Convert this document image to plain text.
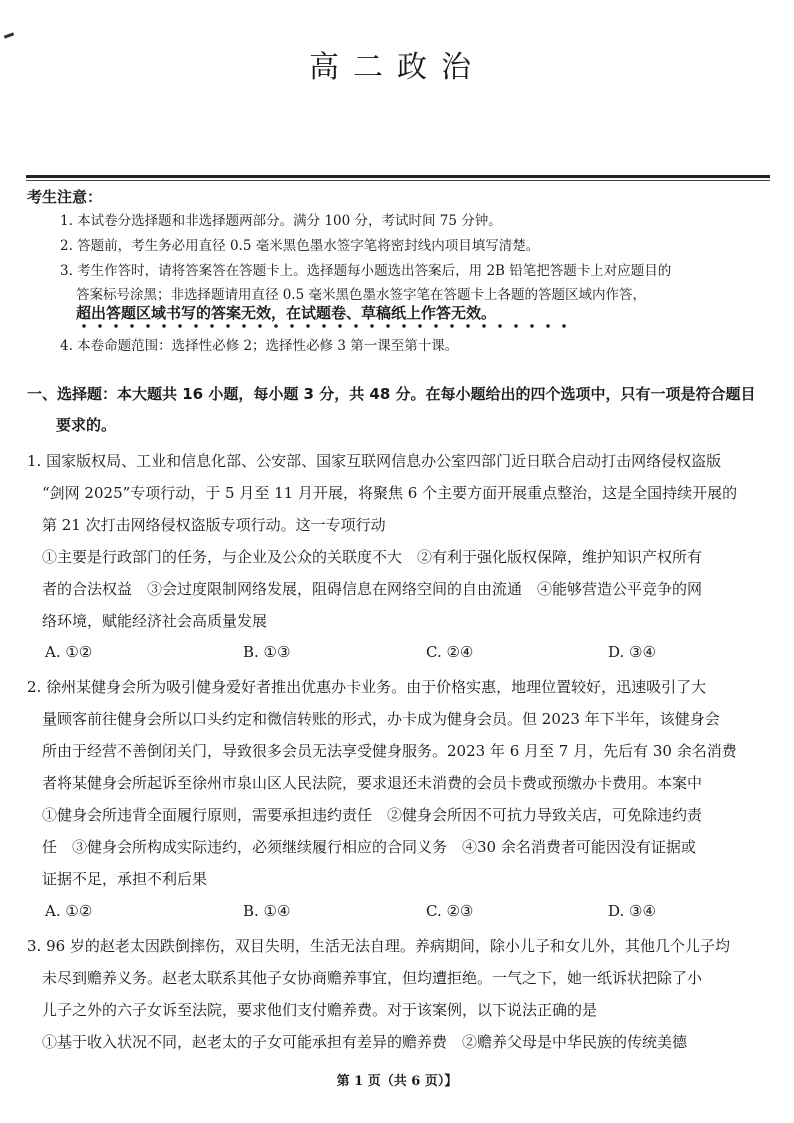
高二政治
考生注意：
1. 本试卷分选择题和非选择题两部分。满分 100 分，考试时间 75 分钟。
2. 答题前，考生务必用直径 0.5 毫米黑色墨水签字笔将密封线内项目填写清楚。
3. 考生作答时，请将答案答在答题卡上。选择题每小题选出答案后，用 2B 铅笔把答题卡上对应题目的
答案标号涂黑；非选择题请用直径 0.5 毫米黑色墨水签字笔在答题卡上各题的答题区域内作答，
超出答题区域书写的答案无效，在试题卷、草稿纸上作答无效。
4. 本卷命题范围：选择性必修 2；选择性必修 3 第一课至第十课。
一、选择题：本大题共 16 小题，每小题 3 分，共 48 分。在每小题给出的四个选项中，只有一项是符合题目
要求的。
1. 国家版权局、工业和信息化部、公安部、国家互联网信息办公室四部门近日联合启动打击网络侵权盗版
“剑网 2025”专项行动，于 5 月至 11 月开展，将聚焦 6 个主要方面开展重点整治，这是全国持续开展的
第 21 次打击网络侵权盗版专项行动。这一专项行动
①主要是行政部门的任务，与企业及公众的关联度不大　②有利于强化版权保障，维护知识产权所有
者的合法权益　③会过度限制网络发展，阻碍信息在网络空间的自由流通　④能够营造公平竞争的网
络环境，赋能经济社会高质量发展
A. ①②	B. ①③	C. ②④	D. ③④
2. 徐州某健身会所为吸引健身爱好者推出优惠办卡业务。由于价格实惠，地理位置较好，迅速吸引了大
量顾客前往健身会所以口头约定和微信转账的形式，办卡成为健身会员。但 2023 年下半年，该健身会
所由于经营不善倒闭关门，导致很多会员无法享受健身服务。2023 年 6 月至 7 月，先后有 30 余名消费
者将某健身会所起诉至徐州市泉山区人民法院，要求退还未消费的会员卡费或预缴办卡费用。本案中
①健身会所违背全面履行原则，需要承担违约责任　②健身会所因不可抗力导致关店，可免除违约责
任　③健身会所构成实际违约，必须继续履行相应的合同义务　④30 余名消费者可能因没有证据或
证据不足，承担不利后果
A. ①②	B. ①④	C. ②③	D. ③④
3. 96 岁的赵老太因跌倒摔伤，双目失明，生活无法自理。养病期间，除小儿子和女儿外，其他几个儿子均
未尽到赡养义务。赵老太联系其他子女协商赡养事宜，但均遭拒绝。一气之下，她一纸诉状把除了小
儿子之外的六子女诉至法院，要求他们支付赡养费。对于该案例，以下说法正确的是
①基于收入状况不同，赵老太的子女可能承担有差异的赡养费　②赡养父母是中华民族的传统美德
第 1 页（共 6 页）】
